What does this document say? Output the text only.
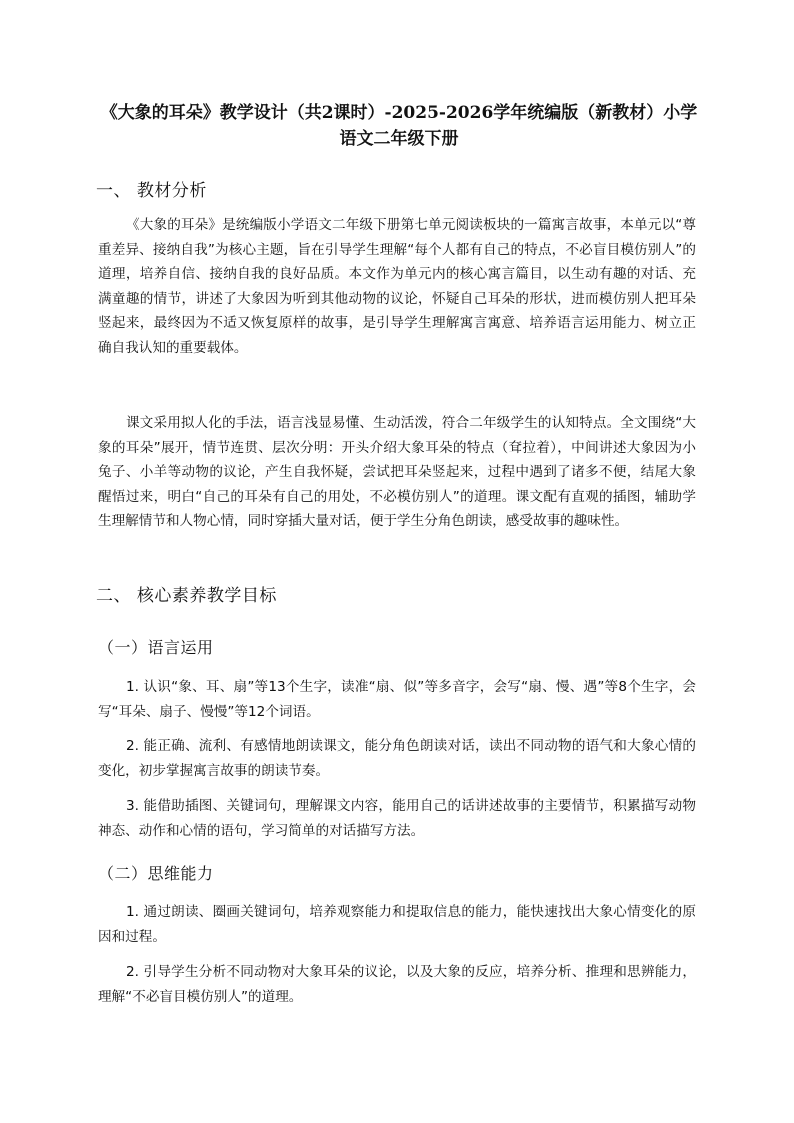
《大象的耳朵》教学设计（共2课时）-2025-2026学年统编版（新教材）小学语文二年级下册
一、 教材分析

《大象的耳朵》是统编版小学语文二年级下册第七单元阅读板块的一篇寓言故事，本单元以“尊重差异、接纳自我”为核心主题，旨在引导学生理解“每个人都有自己的特点，不必盲目模仿别人”的道理，培养自信、接纳自我的良好品质。本文作为单元内的核心寓言篇目，以生动有趣的对话、充满童趣的情节，讲述了大象因为听到其他动物的议论，怀疑自己耳朵的形状，进而模仿别人把耳朵竖起来，最终因为不适又恢复原样的故事，是引导学生理解寓言寓意、培养语言运用能力、树立正确自我认知的重要载体。

课文采用拟人化的手法，语言浅显易懂、生动活泼，符合二年级学生的认知特点。全文围绕“大象的耳朵”展开，情节连贯、层次分明：开头介绍大象耳朵的特点（耷拉着），中间讲述大象因为小兔子、小羊等动物的议论，产生自我怀疑，尝试把耳朵竖起来，过程中遇到了诸多不便，结尾大象醒悟过来，明白“自己的耳朵有自己的用处，不必模仿别人”的道理。课文配有直观的插图，辅助学生理解情节和人物心情，同时穿插大量对话，便于学生分角色朗读，感受故事的趣味性。

二、 核心素养教学目标
（一）语言运用

1. 认识“象、耳、扇”等13个生字，读准“扇、似”等多音字，会写“扇、慢、遇”等8个生字，会写“耳朵、扇子、慢慢”等12个词语。

2. 能正确、流利、有感情地朗读课文，能分角色朗读对话，读出不同动物的语气和大象心情的变化，初步掌握寓言故事的朗读节奏。

3. 能借助插图、关键词句，理解课文内容，能用自己的话讲述故事的主要情节，积累描写动物神态、动作和心情的语句，学习简单的对话描写方法。

（二）思维能力

1. 通过朗读、圈画关键词句，培养观察能力和提取信息的能力，能快速找出大象心情变化的原因和过程。

2. 引导学生分析不同动物对大象耳朵的议论，以及大象的反应，培养分析、推理和思辨能力，理解“不必盲目模仿别人”的道理。
